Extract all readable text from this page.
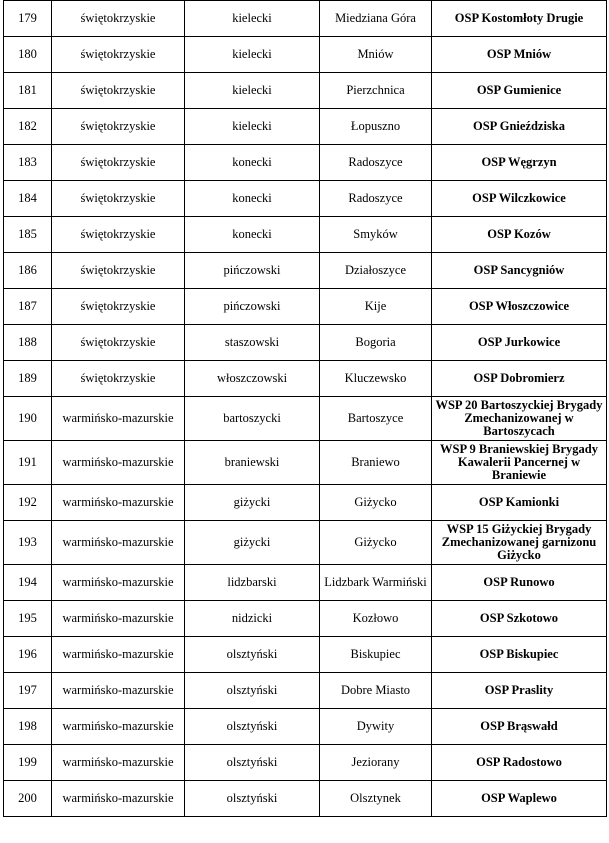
179	świętokrzyskie	kielecki	Miedziana Góra	OSP Kostomłoty Drugie
180	świętokrzyskie	kielecki	Mniów	OSP Mniów
181	świętokrzyskie	kielecki	Pierzchnica	OSP Gumienice
182	świętokrzyskie	kielecki	Łopuszno	OSP Gnieździska
183	świętokrzyskie	konecki	Radoszyce	OSP Węgrzyn
184	świętokrzyskie	konecki	Radoszyce	OSP Wilczkowice
185	świętokrzyskie	konecki	Smyków	OSP Kozów
186	świętokrzyskie	pińczowski	Działoszyce	OSP Sancygniów
187	świętokrzyskie	pińczowski	Kije	OSP Włoszczowice
188	świętokrzyskie	staszowski	Bogoria	OSP Jurkowice
189	świętokrzyskie	włoszczowski	Kluczewsko	OSP Dobromierz
190	warmińsko-mazurskie	bartoszycki	Bartoszyce	WSP 20 Bartoszyckiej Brygady Zmechanizowanej w Bartoszycach
191	warmińsko-mazurskie	braniewski	Braniewo	WSP 9 Braniewskiej Brygady Kawalerii Pancernej w Braniewie
192	warmińsko-mazurskie	giżycki	Giżycko	OSP Kamionki
193	warmińsko-mazurskie	giżycki	Giżycko	WSP 15 Giżyckiej Brygady Zmechanizowanej garnizonu Giżycko
194	warmińsko-mazurskie	lidzbarski	Lidzbark Warmiński	OSP Runowo
195	warmińsko-mazurskie	nidzicki	Kozłowo	OSP Szkotowo
196	warmińsko-mazurskie	olsztyński	Biskupiec	OSP Biskupiec
197	warmińsko-mazurskie	olsztyński	Dobre Miasto	OSP Praslity
198	warmińsko-mazurskie	olsztyński	Dywity	OSP Brąswałd
199	warmińsko-mazurskie	olsztyński	Jeziorany	OSP Radostowo
200	warmińsko-mazurskie	olsztyński	Olsztynek	OSP Waplewo
